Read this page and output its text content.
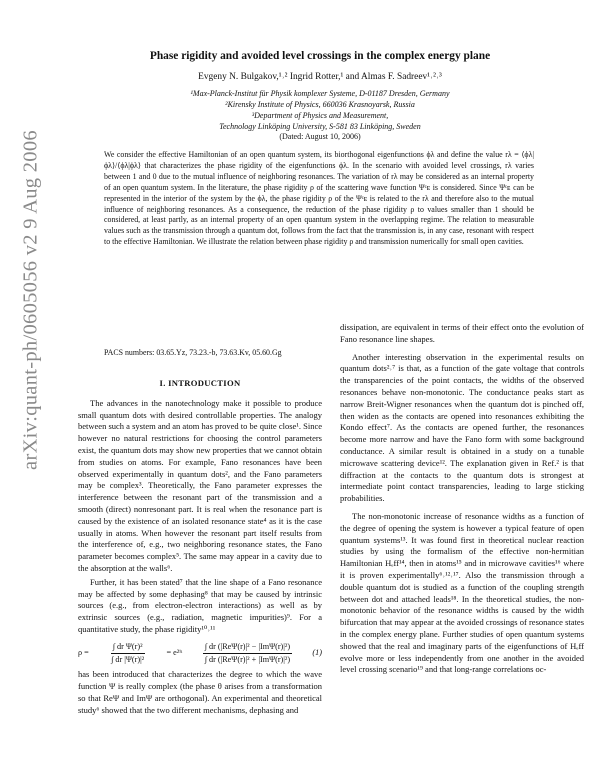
arXiv:quant-ph/0605056 v2 9 Aug 2006
Phase rigidity and avoided level crossings in the complex energy plane
Evgeny N. Bulgakov,¹˒² Ingrid Rotter,¹ and Almas F. Sadreev¹˒²˒³
¹Max-Planck-Institut für Physik komplexer Systeme, D-01187 Dresden, Germany
²Kirensky Institute of Physics, 660036 Krasnoyarsk, Russia
³Department of Physics and Measurement,
Technology Linköping University, S-581 83 Linköping, Sweden
(Dated: August 10, 2006)
We consider the effective Hamiltonian of an open quantum system, its biorthogonal eigenfunctions ϕλ and define the value rλ = ⟨ϕλ|ϕλ⟩/⟨ϕλ|ϕλ⟩ that characterizes the phase rigidity of the eigenfunctions ϕλ. In the scenario with avoided level crossings, rλ varies between 1 and 0 due to the mutual influence of neighboring resonances. The variation of rλ may be considered as an internal property of an open quantum system. In the literature, the phase rigidity ρ of the scattering wave function Ψᶜᴇ is considered. Since Ψᶜᴇ can be represented in the interior of the system by the ϕλ, the phase rigidity ρ of the Ψᶜᴇ is related to the rλ and therefore also to the mutual influence of neighboring resonances. As a consequence, the reduction of the phase rigidity ρ to values smaller than 1 should be considered, at least partly, as an internal property of an open quantum system in the overlapping regime. The relation to measurable values such as the transmission through a quantum dot, follows from the fact that the transmission is, in any case, resonant with respect to the effective Hamiltonian. We illustrate the relation between phase rigidity ρ and transmission numerically for small open cavities.
PACS numbers: 03.65.Yz, 73.23.-b, 73.63.Kv, 05.60.Gg
I. INTRODUCTION

The advances in the nanotechnology make it possible to produce small quantum dots with desired controllable properties. The analogy between such a system and an atom has proved to be quite close¹. Since however no natural restrictions for choosing the control parameters exist, the quantum dots may show new properties that we cannot obtain from studies on atoms. For example, Fano resonances have been observed experimentally in quantum dots², and the Fano parameters may be complex³. Theoretically, the Fano parameter expresses the interference between the resonant part of the transmission and a smooth (direct) nonresonant part. It is real when the resonance part is caused by the existence of an isolated resonance state⁴ as it is the case usually in atoms. When however the resonant part itself results from the interference of, e.g., two neighboring resonance states, the Fano parameter becomes complex⁵. The same may appear in a cavity due to the absorption at the walls⁶.

Further, it has been stated⁷ that the line shape of a Fano resonance may be affected by some dephasing⁸ that may be caused by intrinsic sources (e.g., from electron-electron interactions) as well as by extrinsic sources (e.g., radiation, magnetic impurities)⁹. For a quantitative study, the phase rigidity¹⁰˒¹¹

$\rho = \frac{\text{∫ dr Ψ(r)²}}{\text{∫ dr |Ψ(r)|²}}$ = e²ⁱᶥ $\frac{\text{∫ dr (|ReΨ(r)|² − |ImΨ(r)|²)}}{\text{∫ dr (|ReΨ(r)|² + |ImΨ(r)|²)}} (1)$

has been introduced that characterizes the degree to which the wave function Ψ is really complex (the phase θ arises from a transformation so that ReΨ and ImΨ are orthogonal). An experimental and theoretical study⁶ showed that the two different mechanisms, dephasing and

dissipation, are equivalent in terms of their effect onto the evolution of Fano resonance line shapes.

Another interesting observation in the experimental results on quantum dots²˒⁷ is that, as a function of the gate voltage that controls the transparencies of the point contacts, the widths of the observed resonances behave non-monotonic. The conductance peaks start as narrow Breit-Wigner resonances when the quantum dot is pinched off, then widen as the contacts are opened into resonances exhibiting the Kondo effect⁷. As the contacts are opened further, the resonances become more narrow and have the Fano form with some background conductance. A similar result is obtained in a study on a tunable microwave scattering device¹². The explanation given in Ref.² is that diffraction at the contacts to the quantum dots is strongest at intermediate point contact transparencies, leading to large sticking probabilities.

The non-monotonic increase of resonance widths as a function of the degree of opening the system is however a typical feature of open quantum systems¹³. It was found first in theoretical nuclear reaction studies by using the formalism of the effective non-hermitian Hamiltonian Hₑff¹⁴, then in atoms¹⁵ and in microwave cavities¹⁶ where it is proven experimentally⁶˒¹²˒¹⁷. Also the transmission through a double quantum dot is studied as a function of the coupling strength between dot and attached leads¹⁸. In the theoretical studies, the non-monotonic behavior of the resonance widths is caused by the width bifurcation that may appear at the avoided crossings of resonance states in the complex energy plane. Further studies of open quantum systems showed that the real and imaginary parts of the eigenfunctions of Hₑff evolve more or less independently from one another in the avoided level crossing scenario¹⁹ and that long-range correlations oc-
